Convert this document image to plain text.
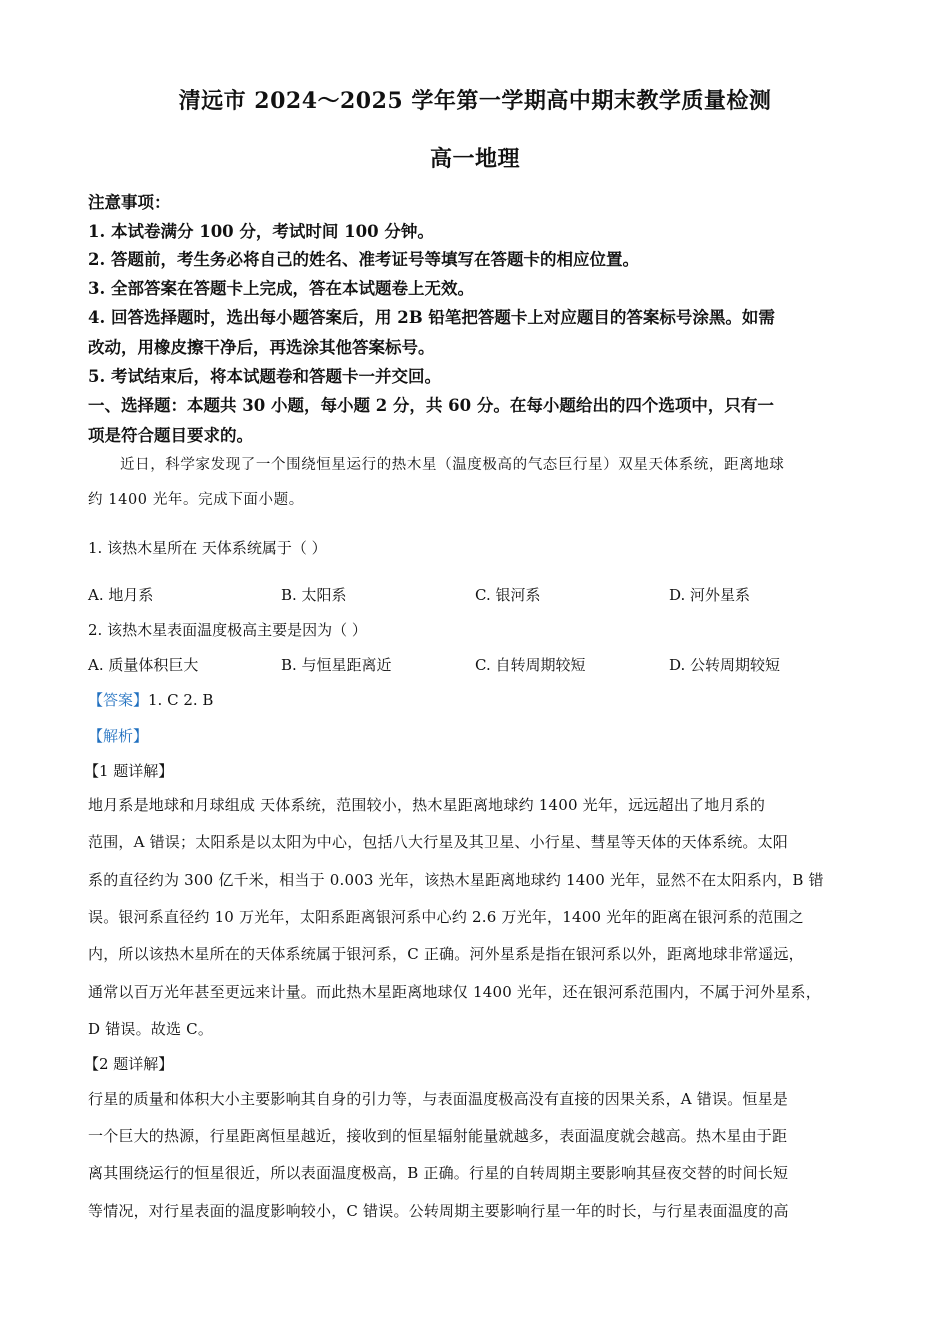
清远市 2024～2025 学年第一学期高中期末教学质量检测
高一地理
注意事项：
1. 本试卷满分 100 分，考试时间 100 分钟。
2. 答题前，考生务必将自己的姓名、准考证号等填写在答题卡的相应位置。
3. 全部答案在答题卡上完成，答在本试题卷上无效。
4. 回答选择题时，选出每小题答案后，用 2B 铅笔把答题卡上对应题目的答案标号涂黑。如需
改动，用橡皮擦干净后，再选涂其他答案标号。
5. 考试结束后，将本试题卷和答题卡一并交回。
一、选择题：本题共 30 小题，每小题 2 分，共 60 分。在每小题给出的四个选项中，只有一
项是符合题目要求的。
近日，科学家发现了一个围绕恒星运行的热木星（温度极高的气态巨行星）双星天体系统，距离地球
约 1400 光年。完成下面小题。
1. 该热木星所在 天体系统属于（ ）
A. 地月系	B. 太阳系	C. 银河系	D. 河外星系
2. 该热木星表面温度极高主要是因为（ ）
A. 质量体积巨大	B. 与恒星距离近	C. 自转周期较短	D. 公转周期较短
【答案】1. C 2. B
【解析】
【1 题详解】
地月系是地球和月球组成 天体系统，范围较小，热木星距离地球约 1400 光年，远远超出了地月系的
范围，A 错误；太阳系是以太阳为中心，包括八大行星及其卫星、小行星、彗星等天体的天体系统。太阳
系的直径约为 300 亿千米，相当于 0.003 光年，该热木星距离地球约 1400 光年，显然不在太阳系内，B 错
误。银河系直径约 10 万光年，太阳系距离银河系中心约 2.6 万光年，1400 光年的距离在银河系的范围之
内，所以该热木星所在的天体系统属于银河系，C 正确。河外星系是指在银河系以外，距离地球非常遥远，
通常以百万光年甚至更远来计量。而此热木星距离地球仅 1400 光年，还在银河系范围内，不属于河外星系，
D 错误。故选 C。
【2 题详解】
行星的质量和体积大小主要影响其自身的引力等，与表面温度极高没有直接的因果关系，A 错误。恒星是
一个巨大的热源，行星距离恒星越近，接收到的恒星辐射能量就越多，表面温度就会越高。热木星由于距
离其围绕运行的恒星很近，所以表面温度极高，B 正确。行星的自转周期主要影响其昼夜交替的时间长短
等情况，对行星表面的温度影响较小，C 错误。公转周期主要影响行星一年的时长，与行星表面温度的高
